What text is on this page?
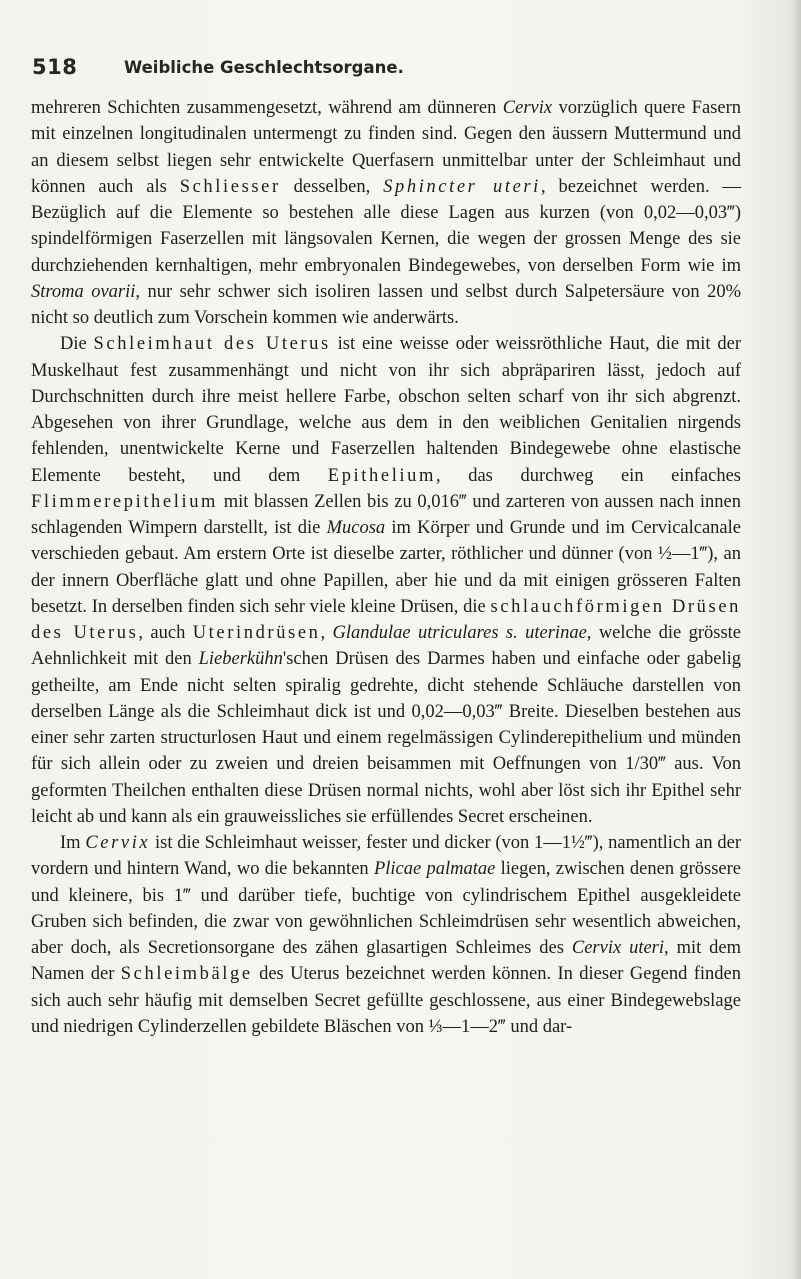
518	Weibliche Geschlechtsorgane.

mehreren Schichten zusammengesetzt, während am dünneren Cervix vorzüglich quere Fasern mit einzelnen longitudinalen untermengt zu finden sind. Gegen den äussern Muttermund und an diesem selbst liegen sehr entwickelte Querfasern unmittelbar unter der Schleimhaut und können auch als Schliesser desselben, Sphincter uteri, bezeichnet werden. — Bezüglich auf die Elemente so bestehen alle diese Lagen aus kurzen (von 0,02—0,03‴) spindelförmigen Faserzellen mit längsovalen Kernen, die wegen der grossen Menge des sie durchziehenden kernhaltigen, mehr embryonalen Bindegewebes, von derselben Form wie im Stroma ovarii, nur sehr schwer sich isoliren lassen und selbst durch Salpetersäure von 20% nicht so deutlich zum Vorschein kommen wie anderwärts.

Die Schleimhaut des Uterus ist eine weisse oder weissröthliche Haut, die mit der Muskelhaut fest zusammenhängt und nicht von ihr sich abpräpariren lässt, jedoch auf Durchschnitten durch ihre meist hellere Farbe, obschon selten scharf von ihr sich abgrenzt. Abgesehen von ihrer Grundlage, welche aus dem in den weiblichen Genitalien nirgends fehlenden, unentwickelte Kerne und Faserzellen haltenden Bindegewebe ohne elastische Elemente besteht, und dem Epithelium, das durchweg ein einfaches Flimmerepithelium mit blassen Zellen bis zu 0,016‴ und zarteren von aussen nach innen schlagenden Wimpern darstellt, ist die Mucosa im Körper und Grunde und im Cervicalcanale verschieden gebaut. Am erstern Orte ist dieselbe zarter, röthlicher und dünner (von ½—1‴), an der innern Oberfläche glatt und ohne Papillen, aber hie und da mit einigen grösseren Falten besetzt. In derselben finden sich sehr viele kleine Drüsen, die schlauchförmigen Drüsen des Uterus, auch Uterindrüsen, Glandulae utriculares s. uterinae, welche die grösste Aehnlichkeit mit den Lieberkühn'schen Drüsen des Darmes haben und einfache oder gabelig getheilte, am Ende nicht selten spiralig gedrehte, dicht stehende Schläuche darstellen von derselben Länge als die Schleimhaut dick ist und 0,02—0,03‴ Breite. Dieselben bestehen aus einer sehr zarten structurlosen Haut und einem regelmässigen Cylinderepithelium und münden für sich allein oder zu zweien und dreien beisammen mit Oeffnungen von 1/30‴ aus. Von geformten Theilchen enthalten diese Drüsen normal nichts, wohl aber löst sich ihr Epithel sehr leicht ab und kann als ein grauweissliches sie erfüllendes Secret erscheinen.

Im Cervix ist die Schleimhaut weisser, fester und dicker (von 1—1½‴), namentlich an der vordern und hintern Wand, wo die bekannten Plicae palmatae liegen, zwischen denen grössere und kleinere, bis 1‴ und darüber tiefe, buchtige von cylindrischem Epithel ausgekleidete Gruben sich befinden, die zwar von gewöhnlichen Schleimdrüsen sehr wesentlich abweichen, aber doch, als Secretionsorgane des zähen glasartigen Schleimes des Cervix uteri, mit dem Namen der Schleimbälge des Uterus bezeichnet werden können. In dieser Gegend finden sich auch sehr häufig mit demselben Secret gefüllte geschlossene, aus einer Bindegewebslage und niedrigen Cylinderzellen gebildete Bläschen von ⅓—1—2‴ und dar-
